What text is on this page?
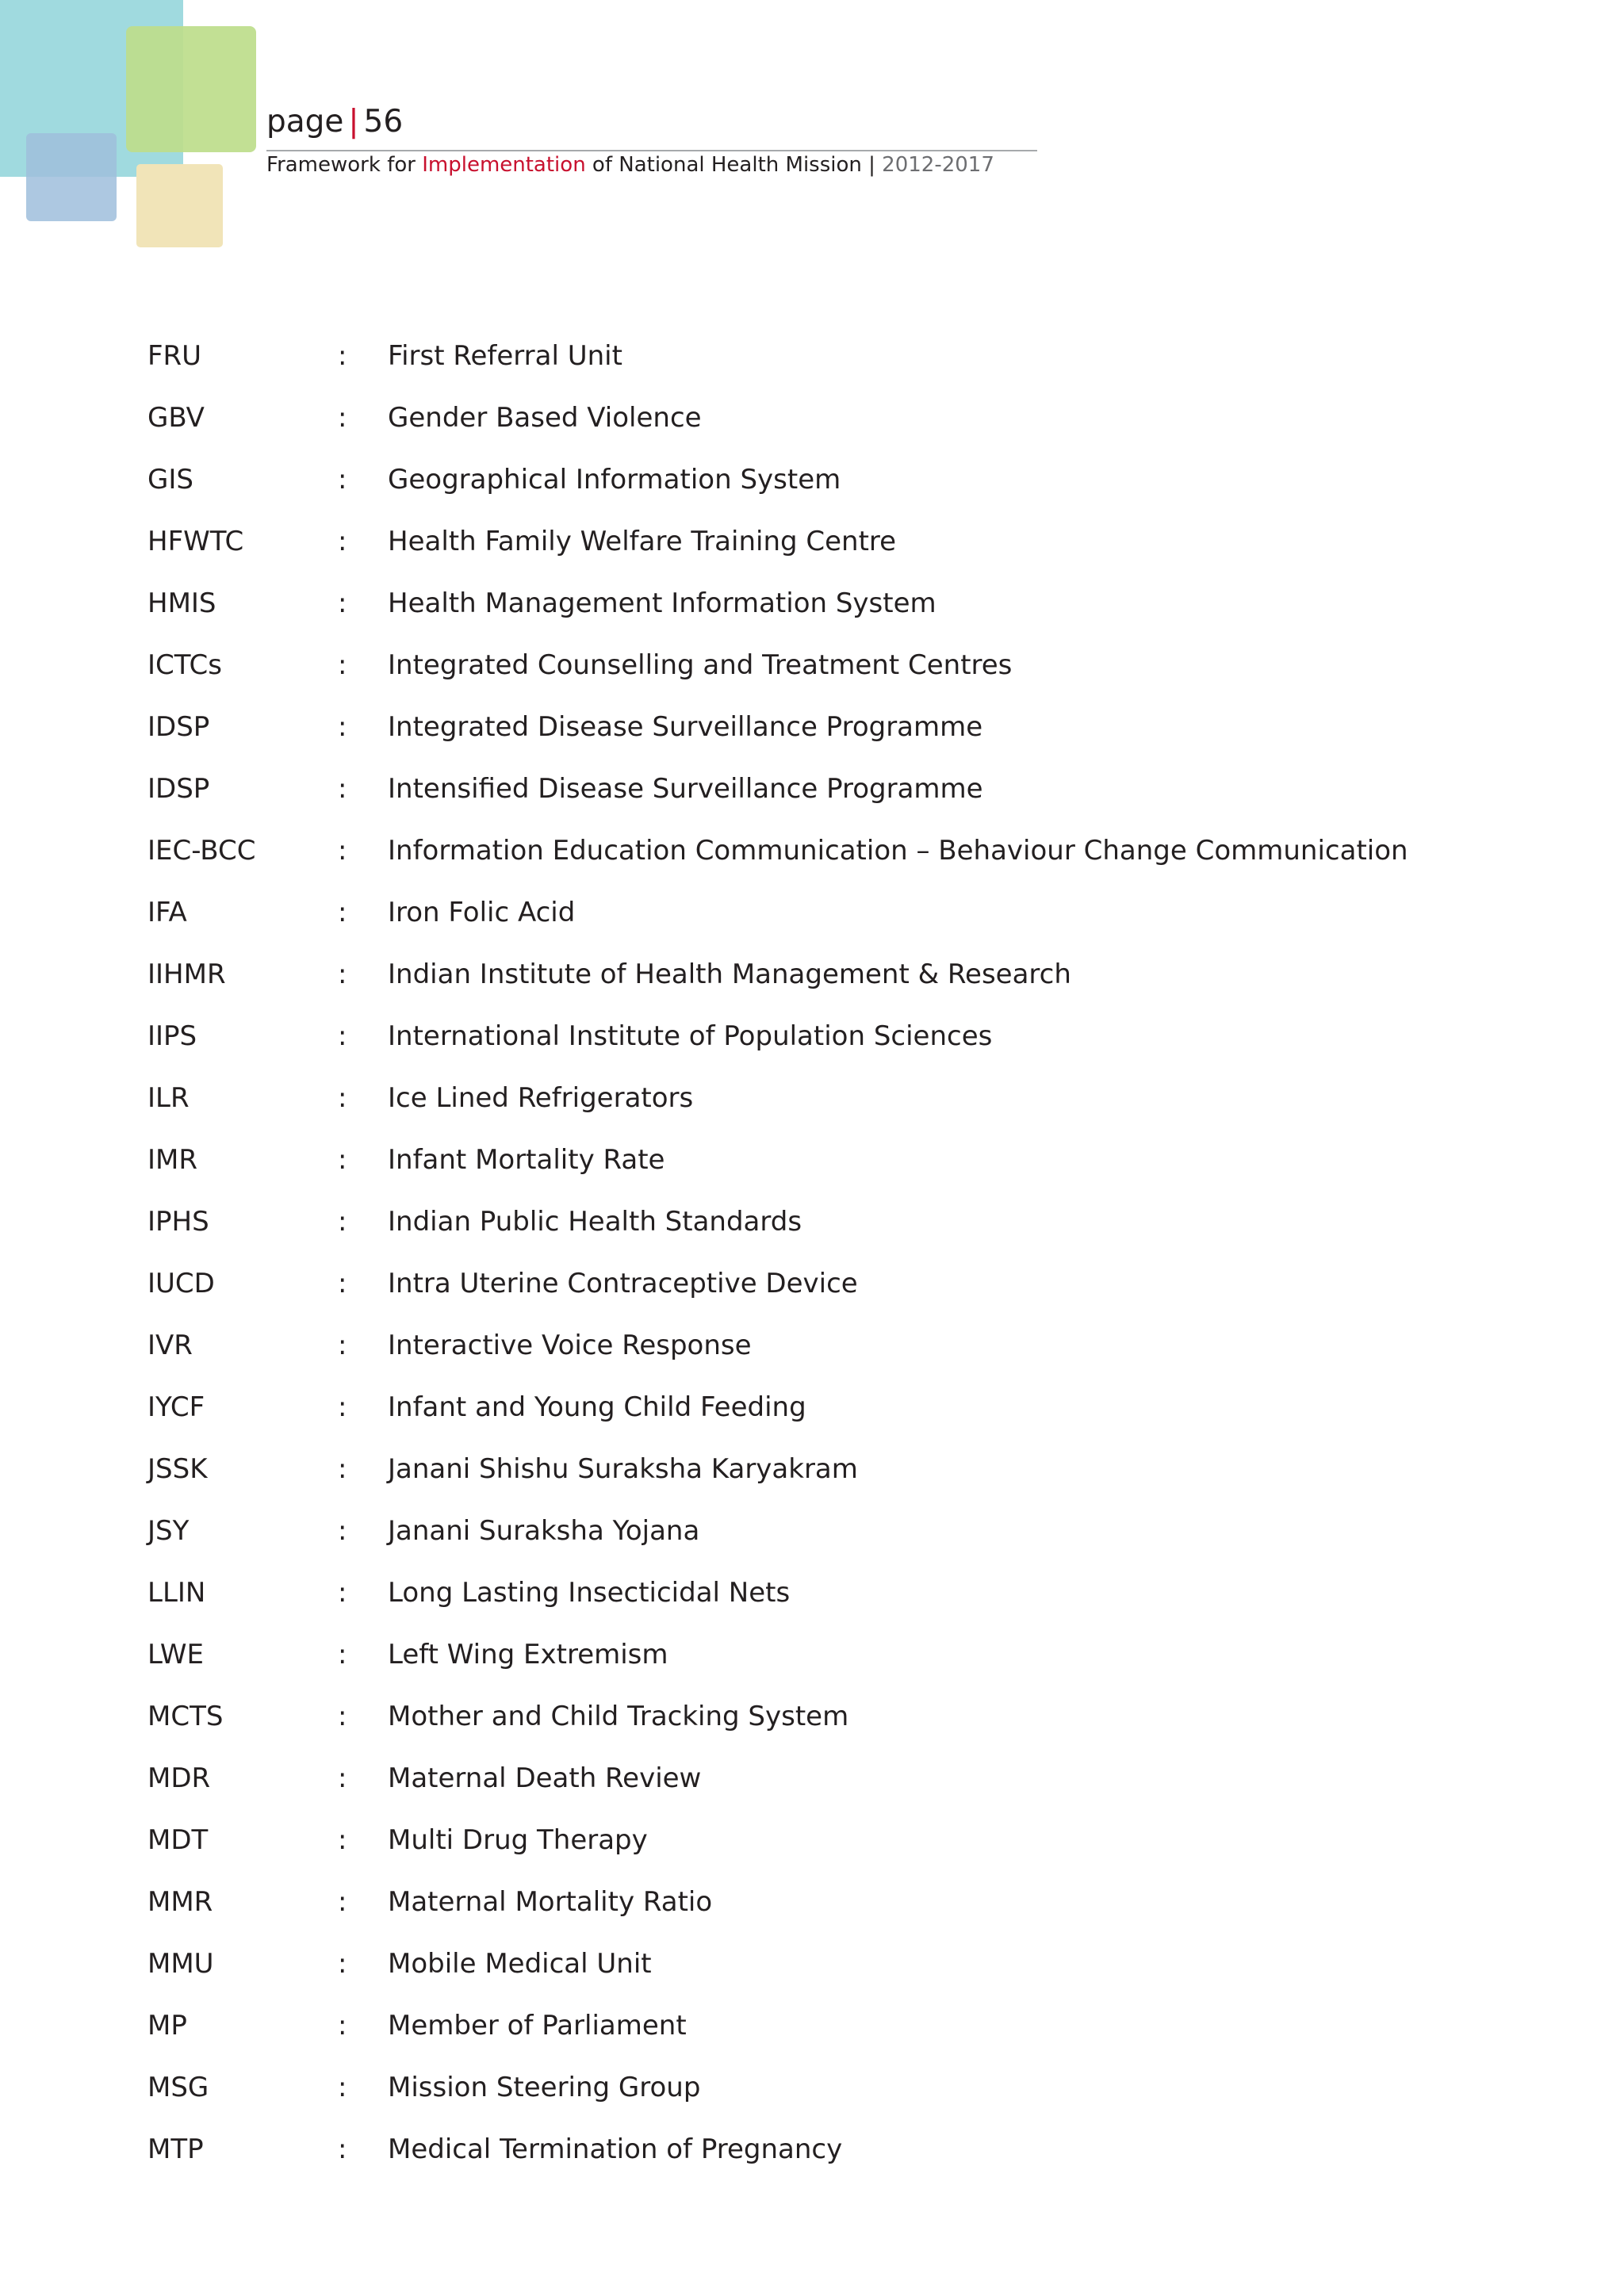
page | 56
Framework for Implementation of National Health Mission | 2012-2017
FRU	: First Referral Unit
GBV	: Gender Based Violence
GIS	: Geographical Information System
HFWTC	: Health Family Welfare Training Centre
HMIS	: Health Management Information System
ICTCs	: Integrated Counselling and Treatment Centres
IDSP	: Integrated Disease Surveillance Programme
IDSP	: Intensified Disease Surveillance Programme
IEC-BCC	: Information Education Communication – Behaviour Change Communication
IFA	: Iron Folic Acid
IIHMR	: Indian Institute of Health Management & Research
IIPS	: International Institute of Population Sciences
ILR	: Ice Lined Refrigerators
IMR	: Infant Mortality Rate
IPHS	: Indian Public Health Standards
IUCD	: Intra Uterine Contraceptive Device
IVR	: Interactive Voice Response
IYCF	: Infant and Young Child Feeding
JSSK	: Janani Shishu Suraksha Karyakram
JSY	: Janani Suraksha Yojana
LLIN	: Long Lasting Insecticidal Nets
LWE	: Left Wing Extremism
MCTS	: Mother and Child Tracking System
MDR	: Maternal Death Review
MDT	: Multi Drug Therapy
MMR	: Maternal Mortality Ratio
MMU	: Mobile Medical Unit
MP	: Member of Parliament
MSG	: Mission Steering Group
MTP	: Medical Termination of Pregnancy
